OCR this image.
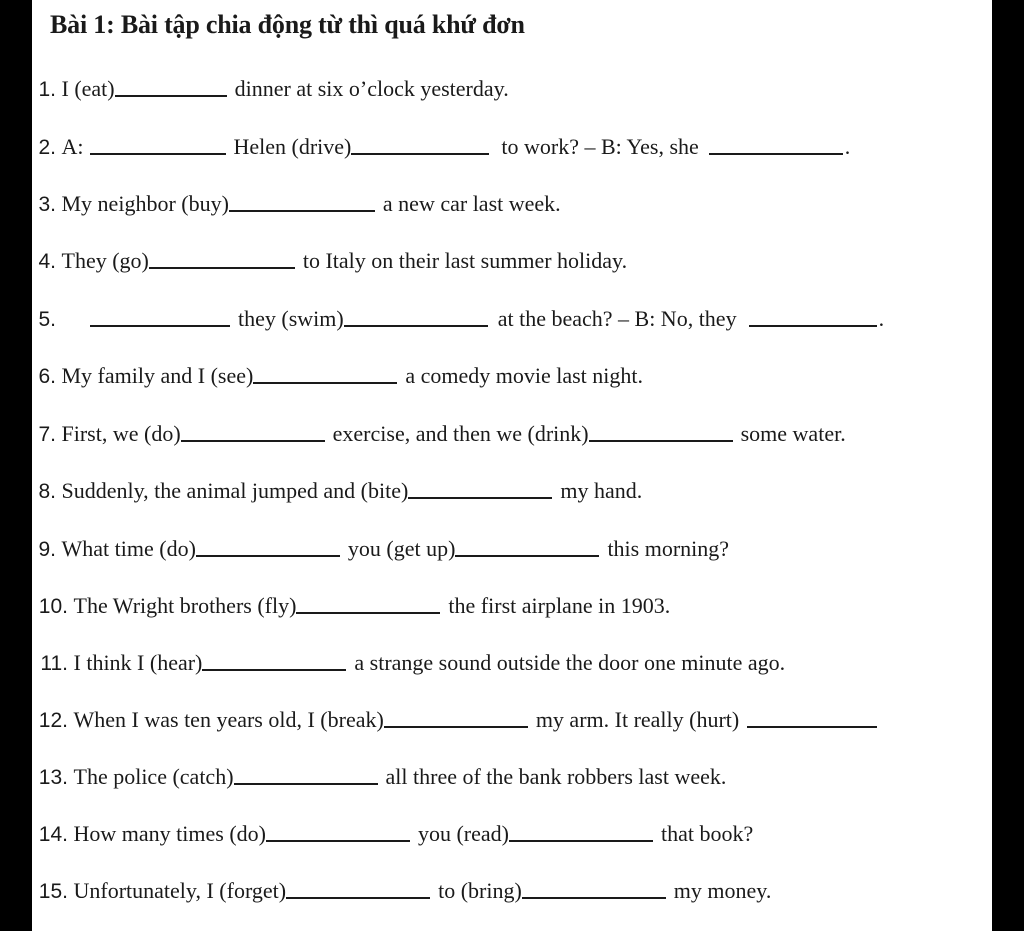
Bài 1: Bài tập chia động từ thì quá khứ đơn
1.
I (eat)	dinner at six o’clock yesterday.
2.
A:	Helen (drive)	to work? – B: Yes, she	.
3.
My neighbor (buy)	a new car last week.
4.
They (go)	to Italy on their last summer holiday.
5.	they (swim)	at the beach? – B: No, they	.
6.
My family and I (see)	a comedy movie last night.
7.
First, we (do)	exercise, and then we (drink)	some water.
8.
Suddenly, the animal jumped and (bite)	my hand.
9.
What time (do)	you (get up)	this morning?
10.
The Wright brothers (fly)	the first airplane in 1903.
11.
I think I (hear)	a strange sound outside the door one minute ago.
12.
When I was ten years old, I (break)	my arm. It really (hurt)
13.
The police (catch)	all three of the bank robbers last week.
14.
How many times (do)	you (read)	that book?
15.
Unfortunately, I (forget)	to (bring)	my money.
